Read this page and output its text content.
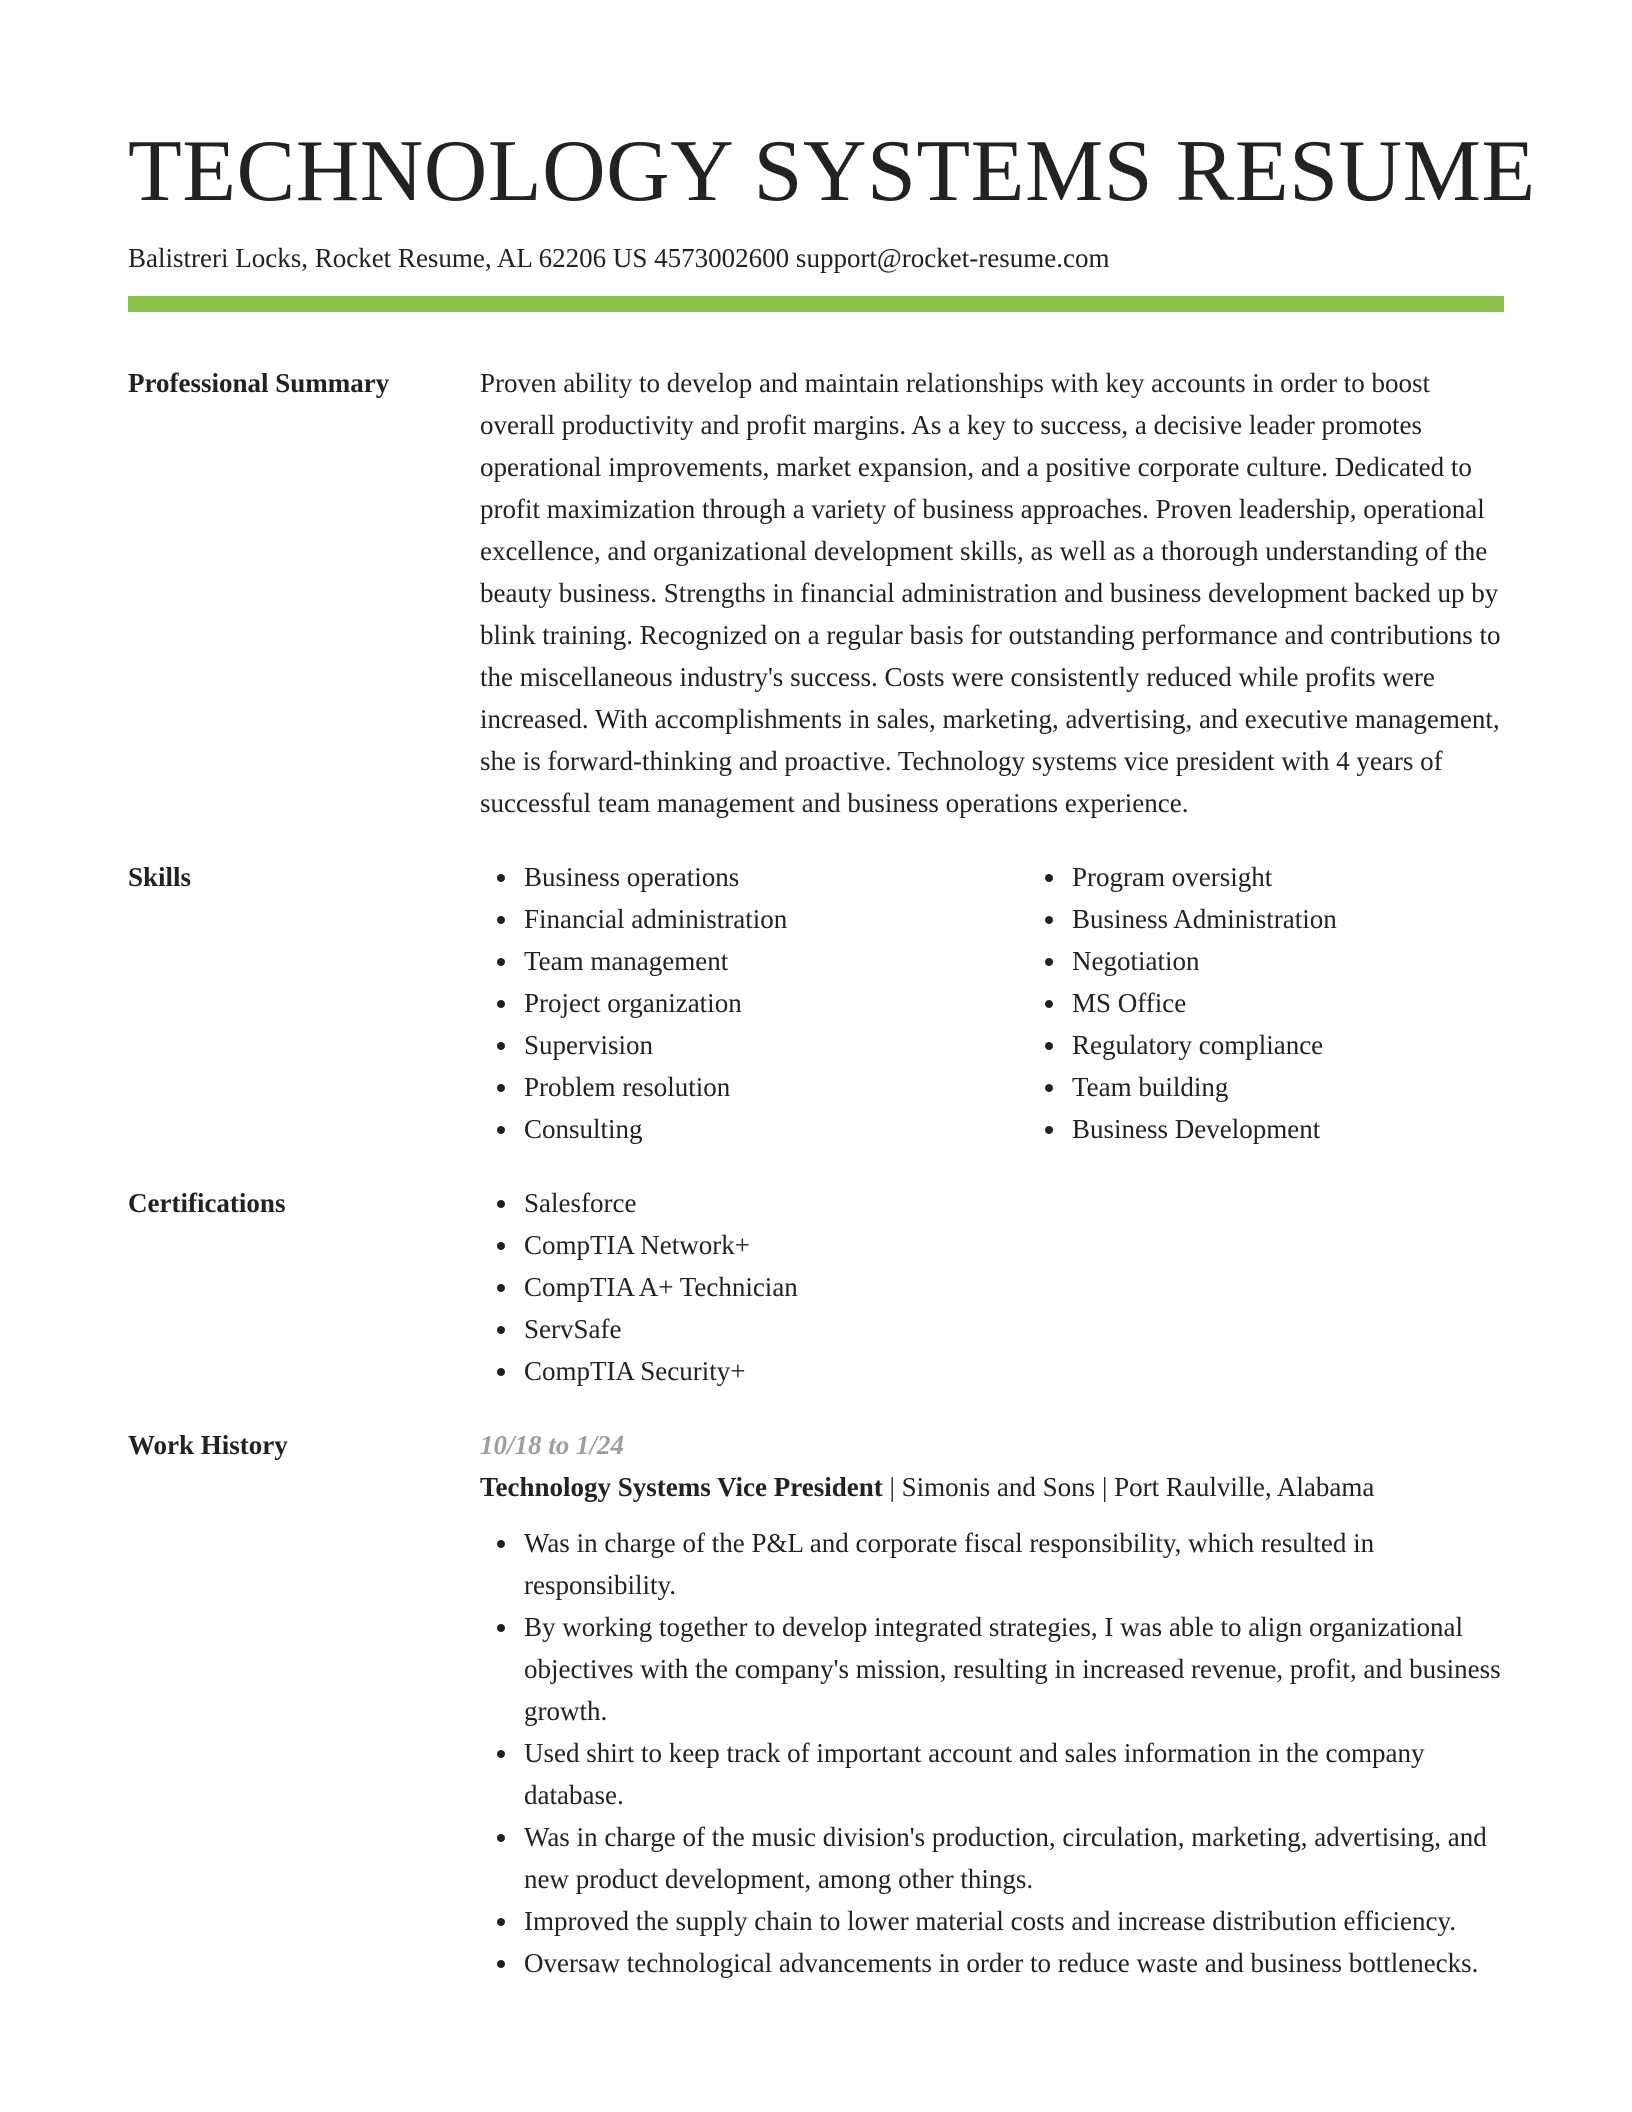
TECHNOLOGY SYSTEMS RESUME
Balistreri Locks, Rocket Resume, AL 62206 US 4573002600 support@rocket-resume.com
Professional Summary	Proven ability to develop and maintain relationships with key accounts in order to boost overall productivity and profit margins. As a key to success, a decisive leader promotes operational improvements, market expansion, and a positive corporate culture. Dedicated to profit maximization through a variety of business approaches. Proven leadership, operational excellence, and organizational development skills, as well as a thorough understanding of the beauty business. Strengths in financial administration and business development backed up by blink training. Recognized on a regular basis for outstanding performance and contributions to the miscellaneous industry's success. Costs were consistently reduced while profits were increased. With accomplishments in sales, marketing, advertising, and executive management, she is forward-thinking and proactive. Technology systems vice president with 4 years of successful team management and business operations experience.

Skills	Business operations
Financial administration
Team management
Project organization
Supervision
Problem resolution
Consulting
Program oversight
Business Administration
Negotiation
MS Office
Regulatory compliance
Team building
Business Development
Certifications	Salesforce
CompTIA Network+
CompTIA A+ Technician
ServSafe
CompTIA Security+
Work History	10/18 to 1/24

Technology Systems Vice President | Simonis and Sons | Port Raulville, Alabama

Was in charge of the P&L and corporate fiscal responsibility, which resulted in responsibility.
By working together to develop integrated strategies, I was able to align organizational objectives with the company's mission, resulting in increased revenue, profit, and business growth.
Used shirt to keep track of important account and sales information in the company database.
Was in charge of the music division's production, circulation, marketing, advertising, and new product development, among other things.
Improved the supply chain to lower material costs and increase distribution efficiency.
Oversaw technological advancements in order to reduce waste and business bottlenecks.
